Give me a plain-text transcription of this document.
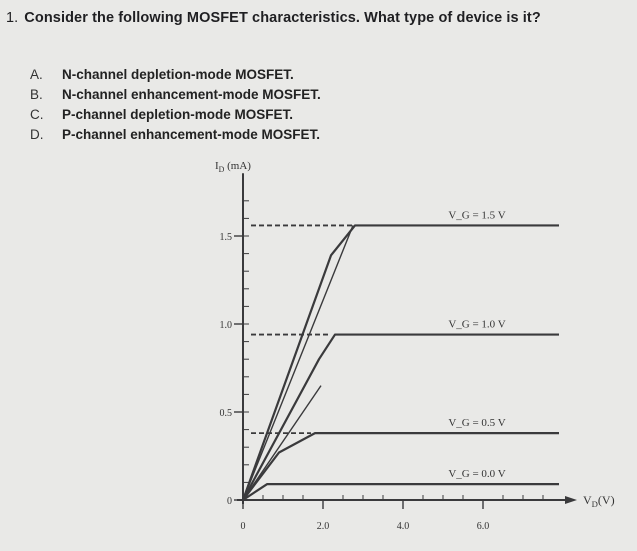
1. Consider the following MOSFET characteristics. What type of device is it?
A.	N-channel depletion-mode MOSFET.
B.	N-channel enhancement-mode MOSFET.
C.	P-channel depletion-mode MOSFET.
D.	P-channel enhancement-mode MOSFET.
0
0.5
1.0
1.5
0	2.0	4.0	6.0
$I_D$ (mA)
$V_D(V)$
V_G = 1.5 V
V_G = 1.0 V
V_G = 0.5 V
V_G = 0.0 V
